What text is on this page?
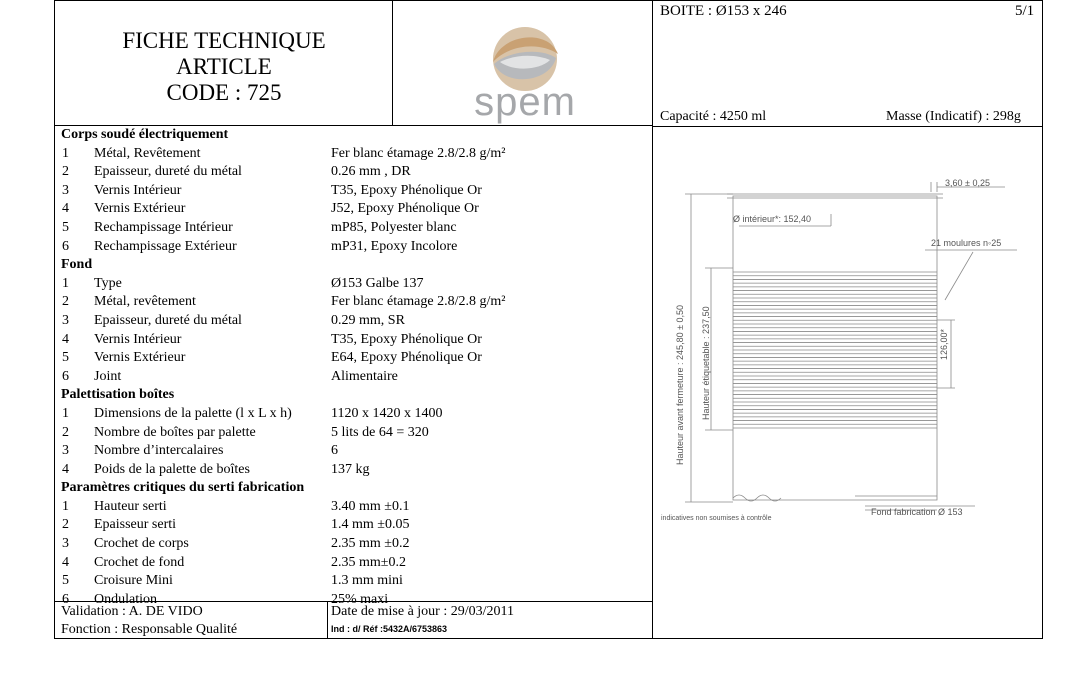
FICHE TECHNIQUE
ARTICLE
CODE : 725	spem
BOITE : Ø153 x 246	5/1
Capacité : 4250 ml	Masse (Indicatif) : 298g
Corps soudé électriquement
1 Métal, Revêtement	Fer blanc étamage 2.8/2.8 g/m²
2 Epaisseur, dureté du métal	0.26 mm , DR
3 Vernis Intérieur	T35, Epoxy Phénolique Or
4 Vernis Extérieur	J52, Epoxy Phénolique Or
5 Rechampissage Intérieur	mP85, Polyester blanc
6 Rechampissage Extérieur	mP31, Epoxy Incolore
Fond
1 Type	Ø153 Galbe 137
2 Métal, revêtement	Fer blanc étamage 2.8/2.8 g/m²
3 Epaisseur, dureté du métal	0.29 mm, SR
4 Vernis Intérieur	T35, Epoxy Phénolique Or
5 Vernis Extérieur	E64, Epoxy Phénolique Or
6 Joint	Alimentaire
Palettisation boîtes
1 Dimensions de la palette (l x L x h)	1120 x 1420 x 1400
2 Nombre de boîtes par palette	5 lits de 64 = 320
3 Nombre d’intercalaires	6
4 Poids de la palette de boîtes	137 kg
Paramètres critiques du serti fabrication
1 Hauteur serti	3.40 mm ±0.1
2 Epaisseur serti	1.4 mm ±0.05
3 Crochet de corps	2.35 mm ±0.2
4 Crochet de fond	2.35 mm±0.2
5 Croisure Mini	1.3 mm mini
6 Ondulation	25% maxi
Validation : A. DE VIDO
Fonction : Responsable Qualité
Date de mise à jour : 29/03/2011
Ind : d/ Réf :5432A/6753863
3,60 ± 0,25
Ø intérieur*: 152,40
21 moulures n◦25
126,00*
Hauteur avant fermeture : 245,80 ± 0,50 Hauteur étiquetable : 237,50
Fond fabrication Ø 153
indicatives non soumises à contrôle
